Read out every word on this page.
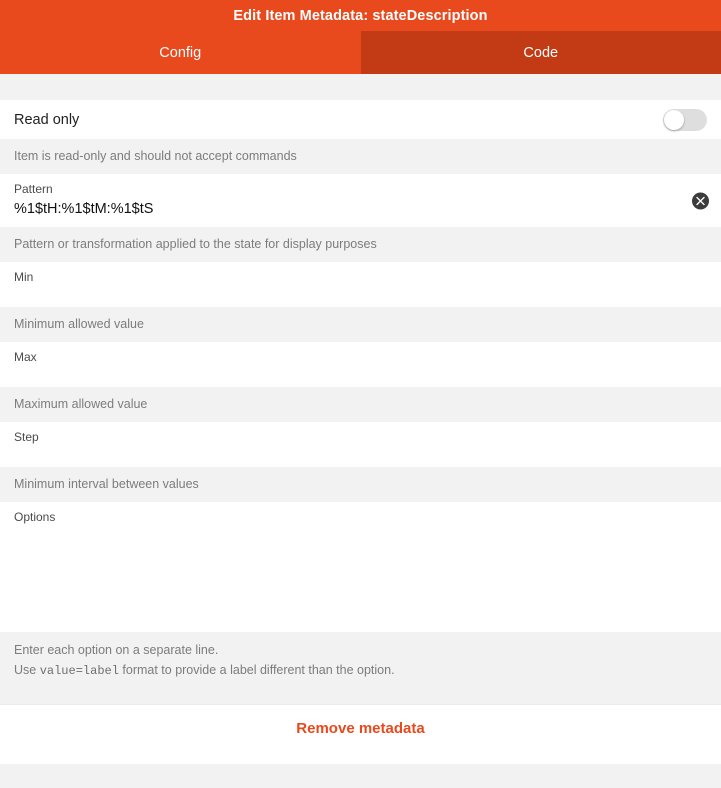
Edit Item Metadata: stateDescription
Config	Code
Read only
Item is read-only and should not accept commands
Pattern
%1$tH:%1$tM:%1$tS
Pattern or transformation applied to the state for display purposes
Min
Minimum allowed value
Max
Maximum allowed value
Step
Minimum interval between values
Options
Enter each option on a separate line.
Use value=label format to provide a label different than the option.
Remove metadata
